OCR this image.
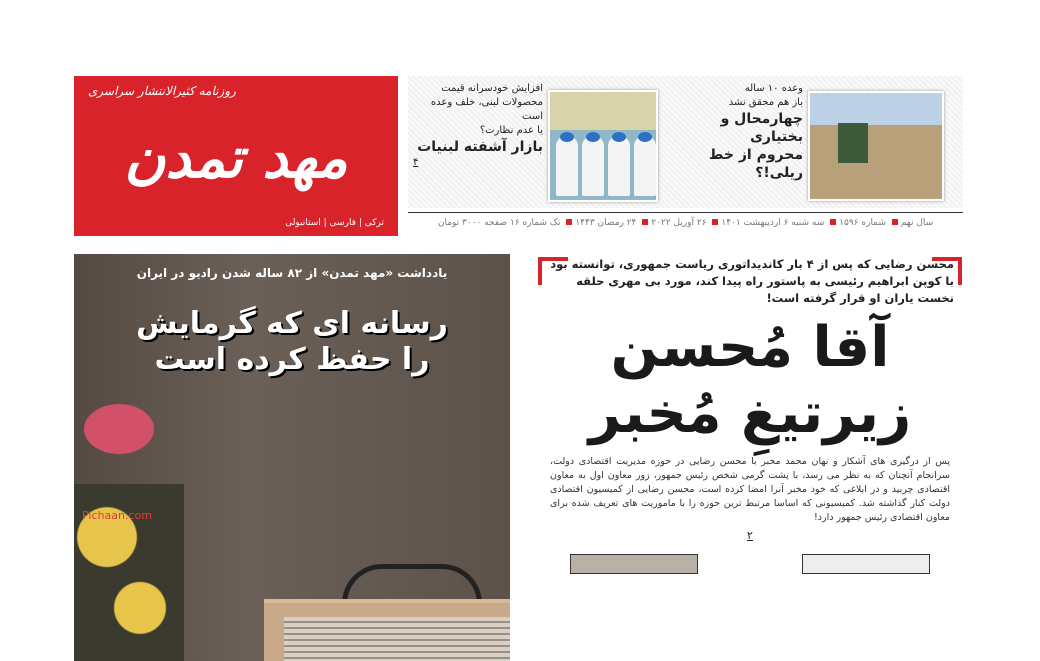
روزنامه کثیرالانتشار سراسری
مهد تمدن
ترکی | فارسی | استانبولی
وعده ۱۰ ساله
باز هم محقق نشد
چهارمحال و بختیاری
محروم از خط ریلی!؟
افزایش خودسرانه قیمت
محصولات لبنی، خلف وعده است
یا عدم نظارت؟
بازار آشفته لبنیات
۴
سال نهم شماره ۱۵۹۶ سه شنبه ۶ اردیبهشت ۱۴۰۱ ۲۶ آوریل ۲۰۲۲ ۲۴ رمضان ۱۴۴۳ تک شماره ۱۶ صفحه ۳۰۰۰ تومان
یادداشت «مهد تمدن» از ۸۲ ساله شدن رادیو در ایران
رسانه ای که گرمایش
را حفظ کرده است
Pichaan.com
محسن رضایی که پس از ۴ بار کاندیداتوری ریاست جمهوری، توانسته بود با کوپن ابراهیم رئیسی به پاستور راه پیدا کند، مورد بی مهری حلقه نخست یاران او قرار گرفته است!
آقا مُحسن
زیرتیغِ مُخبر
پس از درگیری های آشکار و نهان محمد مخبر با محسن رضایی در حوزه مدیریت اقتصادی دولت، سرانجام آنچنان که به نظر می رسد، با پشت گرمی شخص رئیس جمهور، زور معاون اول به معاون اقتصادی چربید و در ابلاغی که خود مخبر آنرا امضا کرده است، محسن رضایی از کمیسیون اقتصادی دولت کنار گذاشته شد. کمیسیونی که اساسا مرتبط ترین حوزه را با ماموریت های تعریف شده برای معاون اقتصادی رئیس جمهور دارد!
۲
